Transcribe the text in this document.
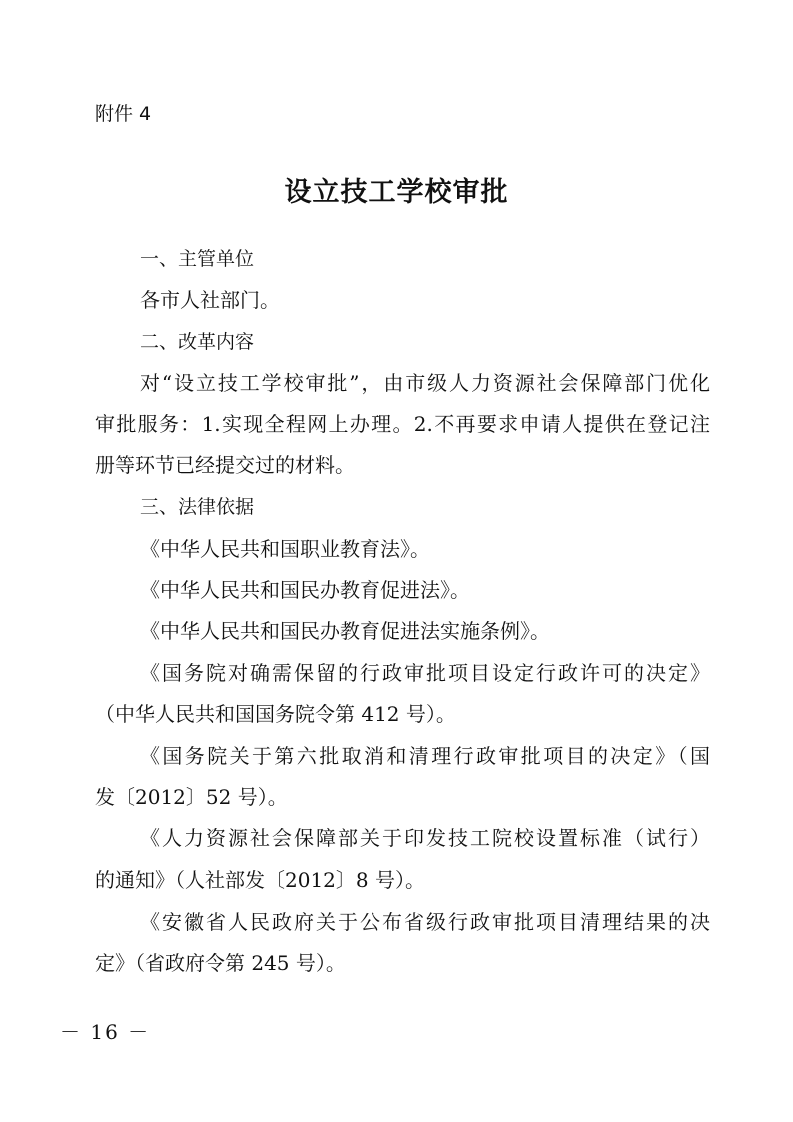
附件 4
设立技工学校审批
一、主管单位
各市人社部门。
二、改革内容
对“设立技工学校审批”，由市级人力资源社会保障部门优化
审批服务：1.实现全程网上办理。2.不再要求申请人提供在登记注
册等环节已经提交过的材料。
三、法律依据
《中华人民共和国职业教育法》。
《中华人民共和国民办教育促进法》。
《中华人民共和国民办教育促进法实施条例》。
《国务院对确需保留的行政审批项目设定行政许可的决定》
（中华人民共和国国务院令第 412 号）。
《国务院关于第六批取消和清理行政审批项目的决定》（国
发〔2012〕52 号）。
《人力资源社会保障部关于印发技工院校设置标准（试行）
的通知》（人社部发〔2012〕8 号）。
《安徽省人民政府关于公布省级行政审批项目清理结果的决
定》（省政府令第 245 号）。
－ 16 －
